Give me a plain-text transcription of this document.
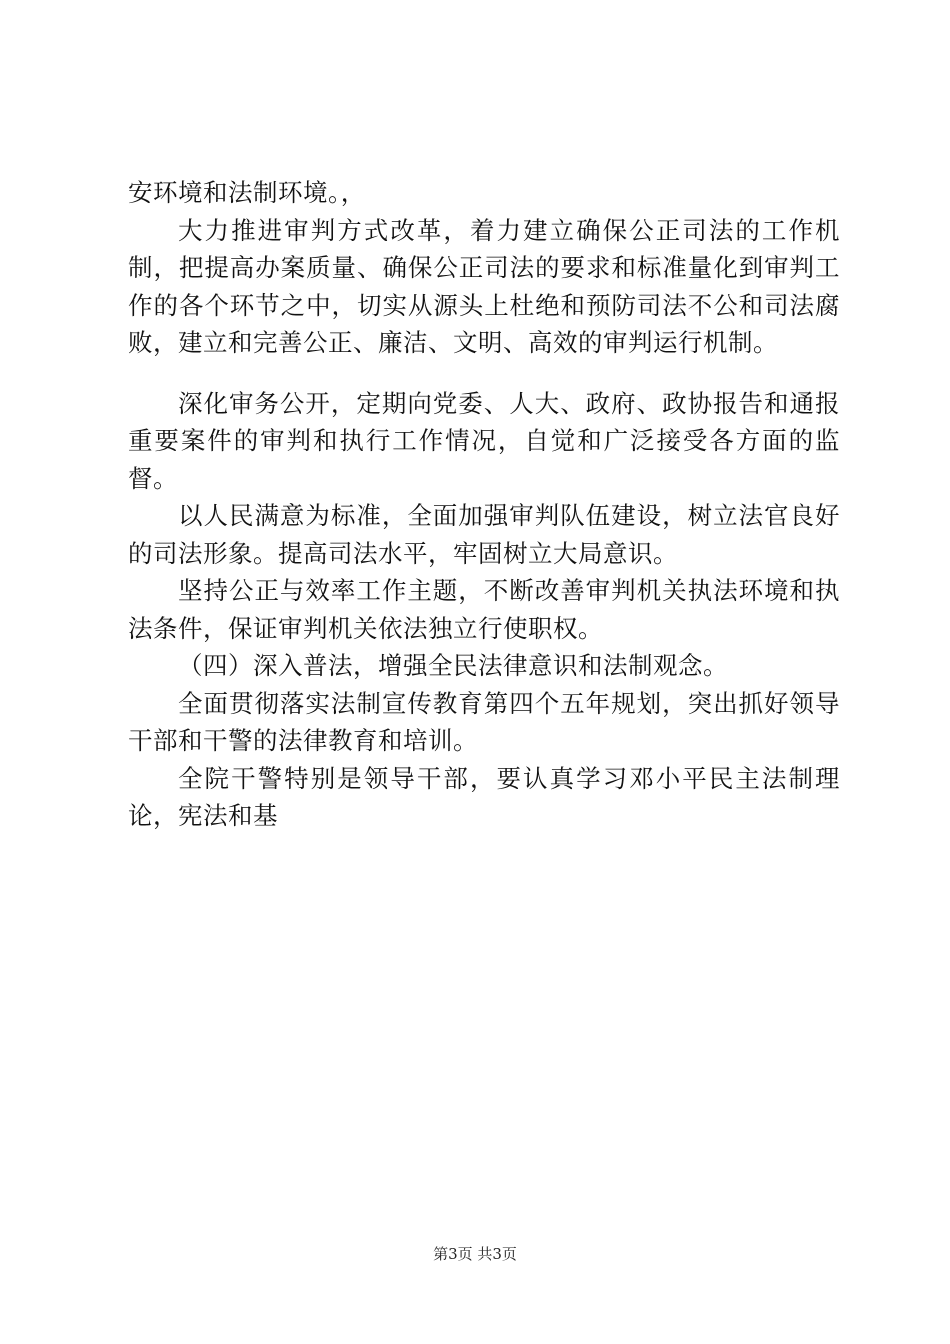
安环境和法制环境。，

大力推进审判方式改革，着力建立确保公正司法的工作机制，把提高办案质量、确保公正司法的要求和标准量化到审判工作的各个环节之中，切实从源头上杜绝和预防司法不公和司法腐败，建立和完善公正、廉洁、文明、高效的审判运行机制。

深化审务公开，定期向党委、人大、政府、政协报告和通报重要案件的审判和执行工作情况，自觉和广泛接受各方面的监督。

以人民满意为标准，全面加强审判队伍建设，树立法官良好的司法形象。提高司法水平，牢固树立大局意识。

坚持公正与效率工作主题，不断改善审判机关执法环境和执法条件，保证审判机关依法独立行使职权。

（四）深入普法，增强全民法律意识和法制观念。

全面贯彻落实法制宣传教育第四个五年规划，突出抓好领导干部和干警的法律教育和培训。

全院干警特别是领导干部，要认真学习邓小平民主法制理论，宪法和基

第3页 共3页
